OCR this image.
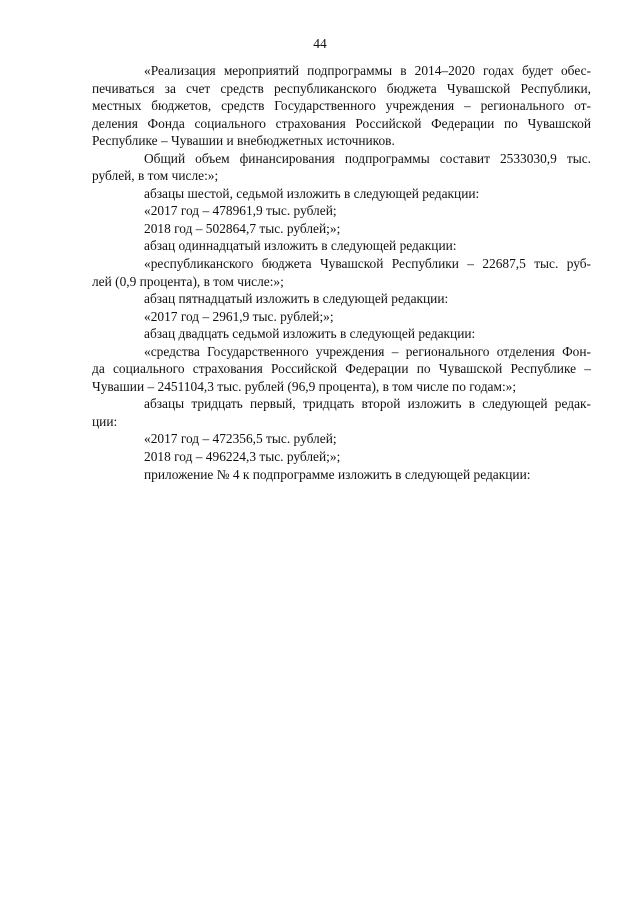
44

«Реализация мероприятий подпрограммы в 2014–2020 годах будет обес-
печиваться за счет средств республиканского бюджета Чувашской Республики,
местных бюджетов, средств Государственного учреждения – регионального от-
деления Фонда социального страхования Российской Федерации по Чувашской
Республике – Чувашии и внебюджетных источников.

Общий объем финансирования подпрограммы составит 2533030,9 тыс.
рублей, в том числе:»;

абзацы шестой, седьмой изложить в следующей редакции:

«2017 год – 478961,9 тыс. рублей;

2018 год – 502864,7 тыс. рублей;»;

абзац одиннадцатый изложить в следующей редакции:

«республиканского бюджета Чувашской Республики – 22687,5 тыс. руб-
лей (0,9 процента), в том числе:»;

абзац пятнадцатый изложить в следующей редакции:

«2017 год – 2961,9 тыс. рублей;»;

абзац двадцать седьмой изложить в следующей редакции:

«средства Государственного учреждения – регионального отделения Фон-
да социального страхования Российской Федерации по Чувашской Республике –
Чувашии – 2451104,3 тыс. рублей (96,9 процента), в том числе по годам:»;

абзацы тридцать первый, тридцать второй изложить в следующей редак-
ции:

«2017 год – 472356,5 тыс. рублей;

2018 год – 496224,3 тыс. рублей;»;

приложение № 4 к подпрограмме изложить в следующей редакции:
